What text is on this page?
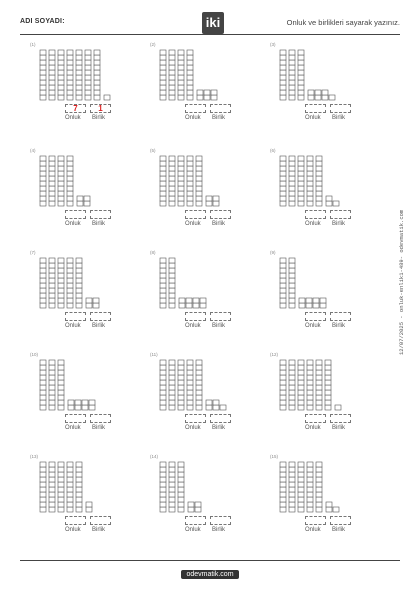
ADI SOYADI:	iki	Onluk ve birlikleri sayarak yazınız.
(1)
7	1
Onluk Birlik
(2)
Onluk Birlik
(3)
Onluk Birlik
(4)
Onluk Birlik
(5)
Onluk Birlik
(6)
Onluk Birlik
(7)
Onluk Birlik
(8)
Onluk Birlik
(9)
Onluk Birlik
(10)
Onluk Birlik
(11)
Onluk Birlik
(12)
Onluk Birlik
(13)
Onluk Birlik
(14)
Onluk Birlik
(15)
Onluk Birlik
12/07/2025 - onluk-enlik1-489- odevmatik.com
odevmatik.com
